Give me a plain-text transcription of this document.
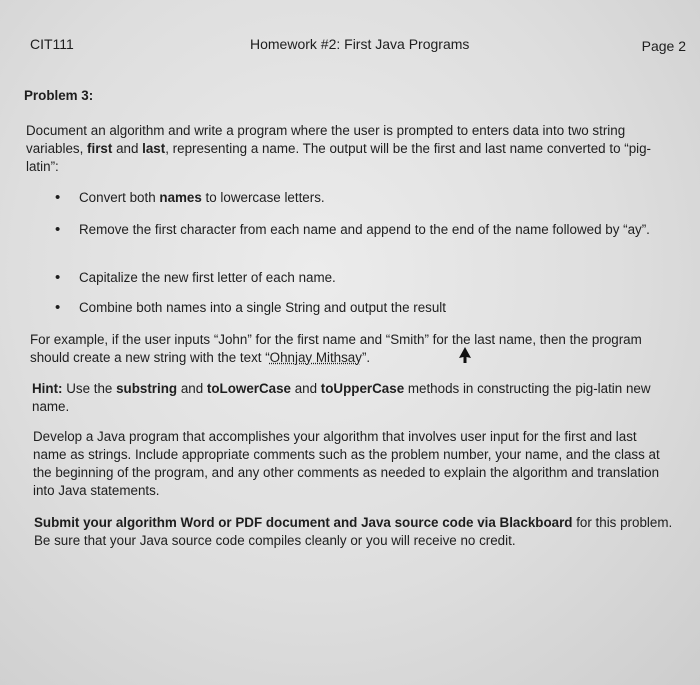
CIT111	Homework #2: First Java Programs	Page 2
Problem 3:
Document an algorithm and write a program where the user is prompted to enters data into two string variables, first and last, representing a name. The output will be the first and last name converted to “pig-latin”:
•	Convert both names to lowercase letters.
•	Remove the first character from each name and append to the end of the name followed by “ay”.
•	Capitalize the new first letter of each name.
•	Combine both names into a single String and output the result
For example, if the user inputs “John” for the first name and “Smith” for the last name, then the program should create a new string with the text “Ohnjay Mithsay”.
Hint: Use the substring and toLowerCase and toUpperCase methods in constructing the pig-latin new name.
Develop a Java program that accomplishes your algorithm that involves user input for the first and last name as strings. Include appropriate comments such as the problem number, your name, and the class at the beginning of the program, and any other comments as needed to explain the algorithm and translation into Java statements.
Submit your algorithm Word or PDF document and Java source code via Blackboard for this problem. Be sure that your Java source code compiles cleanly or you will receive no credit.
